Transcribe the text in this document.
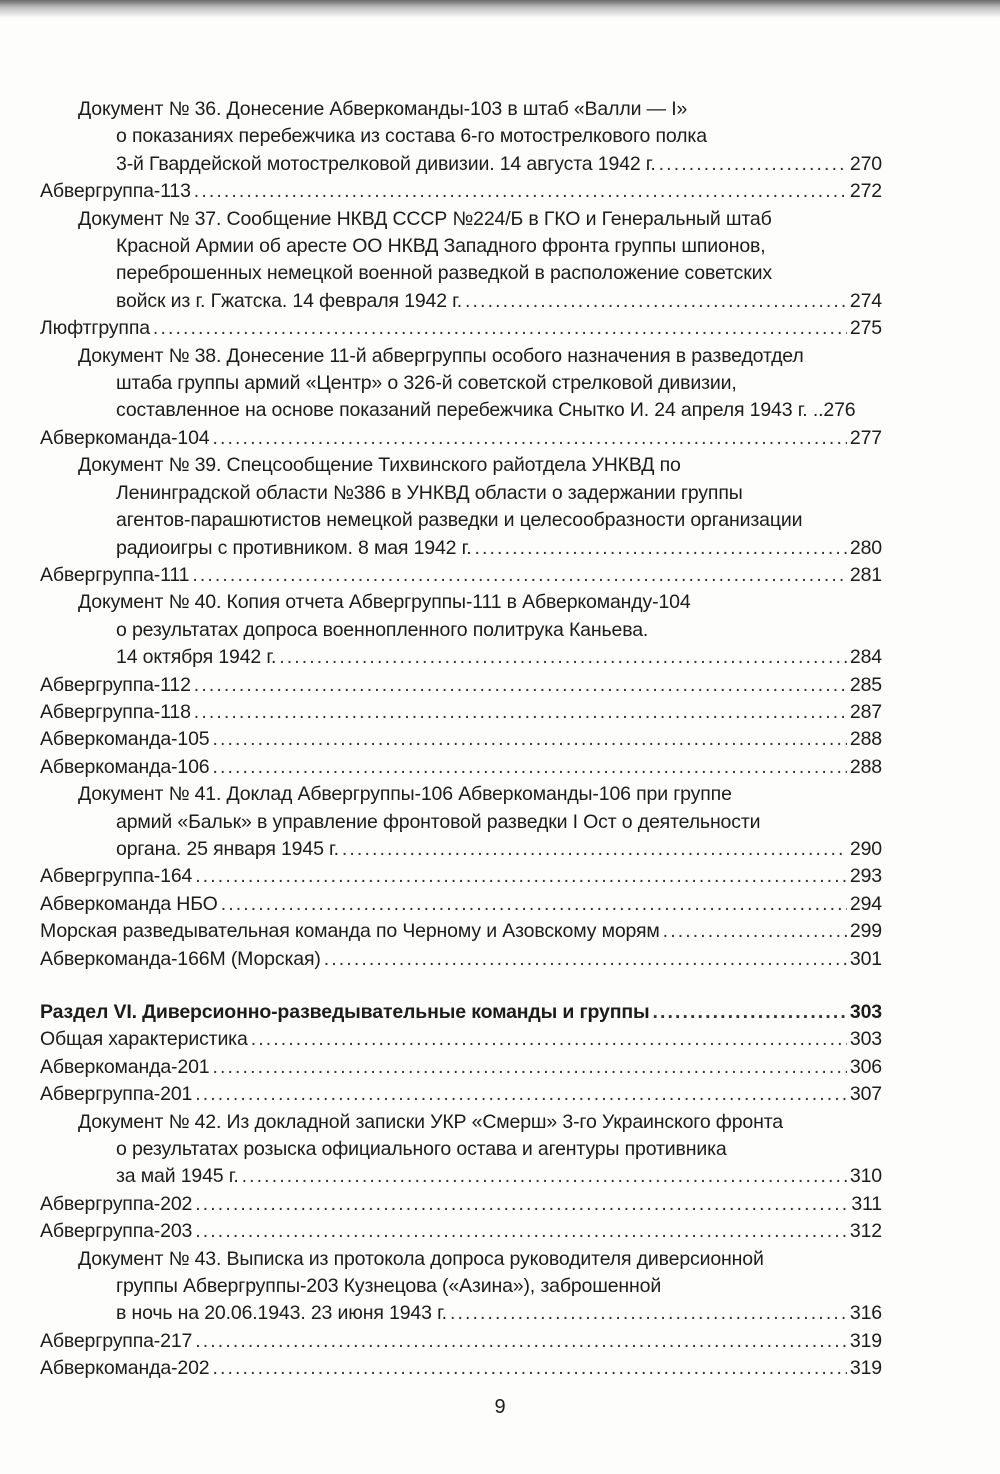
Документ № 36. Донесение Абверкоманды-103 в штаб «Валли — I»
о показаниях перебежчика из состава 6-го мотострелкового полка
3-й Гвардейской мотострелковой дивизии. 14 августа 1942 г. .....	270
Абвергруппа-113 .....	272
Документ № 37. Сообщение НКВД СССР №224/Б в ГКО и Генеральный штаб
Красной Армии об аресте ОО НКВД Западного фронта группы шпионов,
переброшенных немецкой военной разведкой в расположение советских
войск из г. Гжатска. 14 февраля 1942 г. .....	274
Люфтгруппа .....	275
Документ № 38. Донесение 11-й абвергруппы особого назначения в разведотдел
штаба группы армий «Центр» о 326-й советской стрелковой дивизии,
составленное на основе показаний перебежчика Снытко И. 24 апреля 1943 г. .. 276
Абверкоманда-104 .....	277
Документ № 39. Спецсообщение Тихвинского райотдела УНКВД по
Ленинградской области №386 в УНКВД области о задержании группы
агентов-парашютистов немецкой разведки и целесообразности организации
радиоигры с противником. 8 мая 1942 г. .....	280
Абвергруппа-111 .....	281
Документ № 40. Копия отчета Абвергруппы-111 в Абверкоманду-104
о результатах допроса военнопленного политрука Каньева.
14 октября 1942 г. .....	284
Абвергруппа-112 .....	285
Абвергруппа-118 .....	287
Абверкоманда-105 .....	288
Абверкоманда-106 .....	288
Документ № 41. Доклад Абвергруппы-106 Абверкоманды-106 при группе
армий «Бальк» в управление фронтовой разведки I Ост о деятельности
органа. 25 января 1945 г. .....	290
Абвергруппа-164 .....	293
Абверкоманда НБО .....	294
Морская разведывательная команда по Черному и Азовскому морям .....	299
Абверкоманда-166М (Морская) .....	301
Раздел VI. Диверсионно-разведывательные команды и группы .....	303
Общая характеристика .....	303
Абверкоманда-201 .....	306
Абвергруппа-201 .....	307
Документ № 42. Из докладной записки УКР «Смерш» 3-го Украинского фронта
о результатах розыска официального остава и агентуры противника
за май 1945 г. .....	310
Абвергруппа-202 .....	311
Абвергруппа-203 .....	312
Документ № 43. Выписка из протокола допроса руководителя диверсионной
группы Абвергруппы-203 Кузнецова («Азина»), заброшенной
в ночь на 20.06.1943. 23 июня 1943 г. .....	316
Абвергруппа-217 .....	319
Абверкоманда-202 .....	319
9
